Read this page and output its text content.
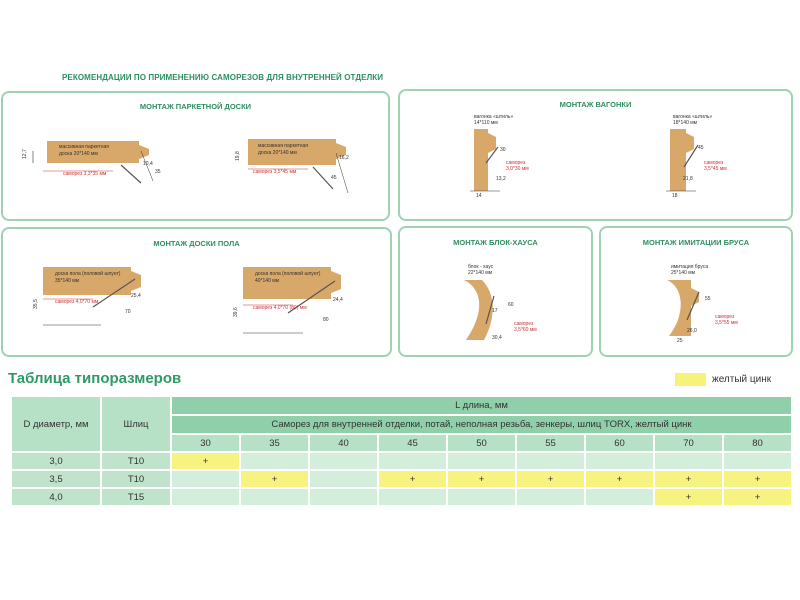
РЕКОМЕНДАЦИИ ПО ПРИМЕНЕНИЮ САМОРЕЗОВ ДЛЯ ВНУТРЕННЕЙ ОТДЕЛКИ
МОНТАЖ ПАРКЕТНОЙ ДОСКИ
12,7
массивная паркетная
доска 20*140 мм
саморез 3,3*35 мм
10,4
35
19,8
массивная паркетная
доска 20*140 мм
саморез 3,5*45 мм
16,2
45
МОНТАЖ ВАГОНКИ
вагонка «штиль»
14*110 мм
30
саморез
3,0*30 мм
13,2
14
вагонка «штиль»
18*140 мм
45
саморез
3,5*45 мм
21,8
18
МОНТАЖ ДОСКИ ПОЛА
доска пола (половой шпунт)
35*140 мм
35,5	саморез 4,0*70 мм
25,4
70
доска пола (половой шпунт)
40*140 мм
39,6	саморез 4,0*70 (80) мм
24,4
80
МОНТАЖ БЛОК-ХАУСА
блок - хаус
22*140 мм
17
60
саморез
3,5*60 мм
30,4
МОНТАЖ ИМИТАЦИИ БРУСА
имитация бруса
25*140 мм
55
саморез
3,5*55 мм
26,0
25
Таблица типоразмеров	желтый цинк
D диаметр, мм	Шлиц	L длина, мм								
		Саморез для внутренней отделки, потай, неполная резьба, зенкеры, шлиц TORX, желтый цинк								
		30	35	40	45	50	55	60	70	80
3,0	T10	+								
3,5	T10		+		+	+	+	+	+	+
4,0	T15								+	+
